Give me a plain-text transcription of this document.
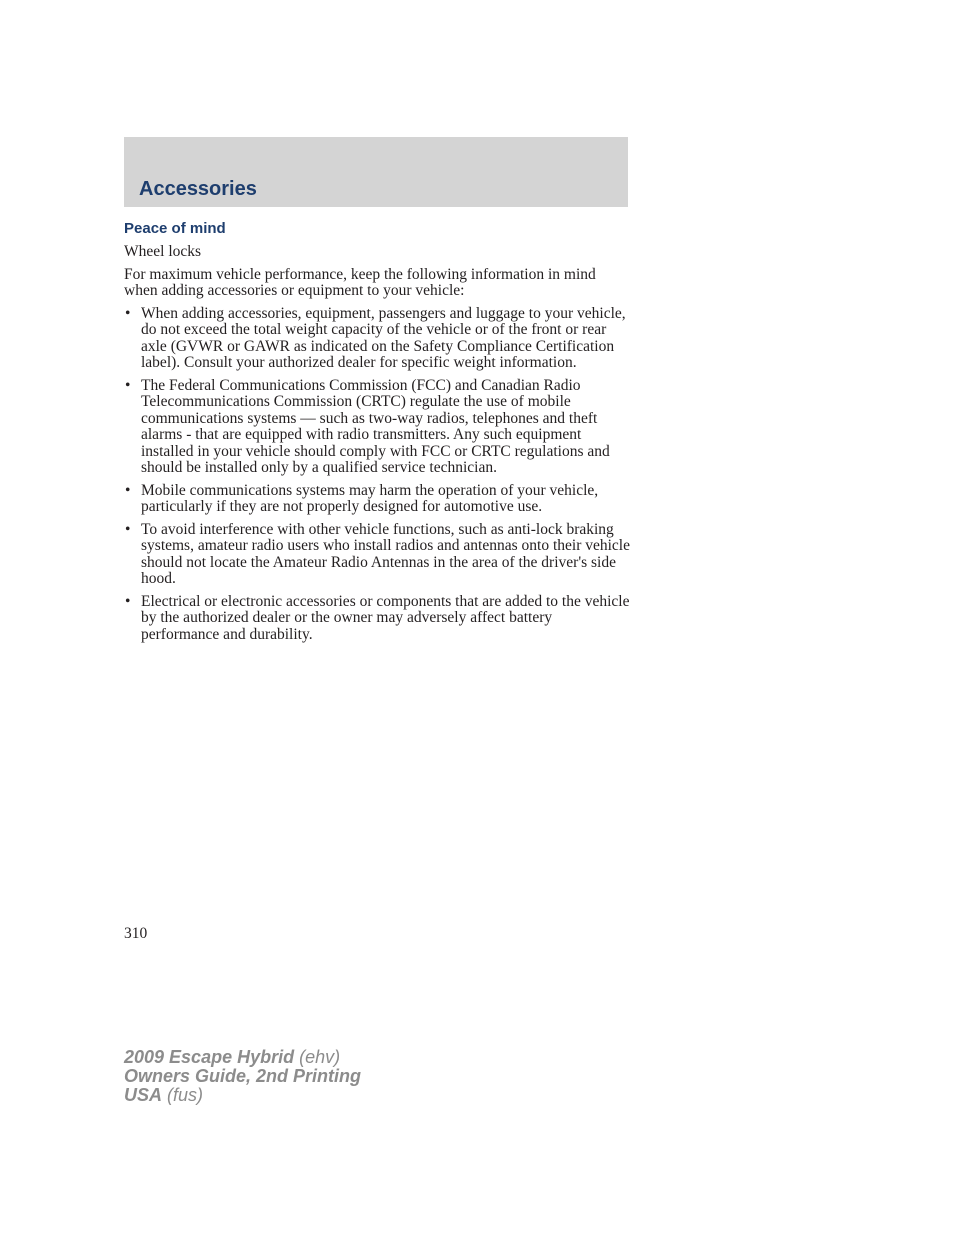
Accessories
Peace of mind

Wheel locks

For maximum vehicle performance, keep the following information in mind when adding accessories or equipment to your vehicle:

• When adding accessories, equipment, passengers and luggage to your vehicle, do not exceed the total weight capacity of the vehicle or of the front or rear axle (GVWR or GAWR as indicated on the Safety Compliance Certification label). Consult your authorized dealer for specific weight information.
• The Federal Communications Commission (FCC) and Canadian Radio Telecommunications Commission (CRTC) regulate the use of mobile communications systems — such as two-way radios, telephones and theft alarms - that are equipped with radio transmitters. Any such equipment installed in your vehicle should comply with FCC or CRTC regulations and should be installed only by a qualified service technician.
• Mobile communications systems may harm the operation of your vehicle, particularly if they are not properly designed for automotive use.
• To avoid interference with other vehicle functions, such as anti-lock braking systems, amateur radio users who install radios and antennas onto their vehicle should not locate the Amateur Radio Antennas in the area of the driver's side hood.
• Electrical or electronic accessories or components that are added to the vehicle by the authorized dealer or the owner may adversely affect battery performance and durability.
310
2009 Escape Hybrid (ehv)
Owners Guide, 2nd Printing
USA (fus)
